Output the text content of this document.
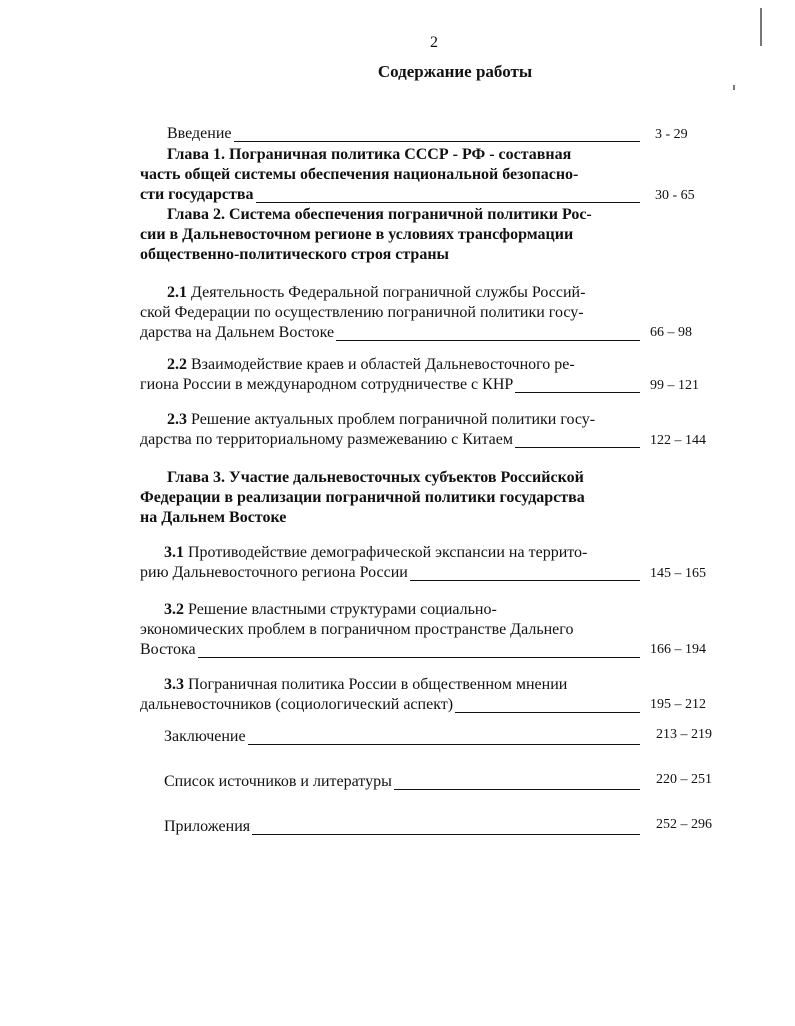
2
Содержание работы
Введение	3 - 29
Глава 1. Пограничная политика СССР - РФ - составная
часть общей системы обеспечения национальной безопасно-
сти государства	30 - 65
Глава 2. Система обеспечения пограничной политики Рос-
сии в Дальневосточном регионе в условиях трансформации
общественно-политического строя страны
2.1 Деятельность Федеральной пограничной службы Россий-
ской Федерации по осуществлению пограничной политики госу-
дарства на Дальнем Востоке	66 – 98
2.2 Взаимодействие краев и областей Дальневосточного ре-
гиона России в международном сотрудничестве с КНР	99 – 121
2.3 Решение актуальных проблем пограничной политики госу-
дарства по территориальному размежеванию с Китаем	122 – 144
Глава 3. Участие дальневосточных субъектов Российской
Федерации в реализации пограничной политики государства
на Дальнем Востоке
3.1 Противодействие демографической экспансии на террито-
рию Дальневосточного региона России	145 – 165
3.2 Решение властными структурами социально-
экономических проблем в пограничном пространстве Дальнего
Востока	166 – 194
3.3 Пограничная политика России в общественном мнении
дальневосточников (социологический аспект)	195 – 212
Заключение	213 – 219
Список источников и литературы	220 – 251
Приложения	252 – 296
